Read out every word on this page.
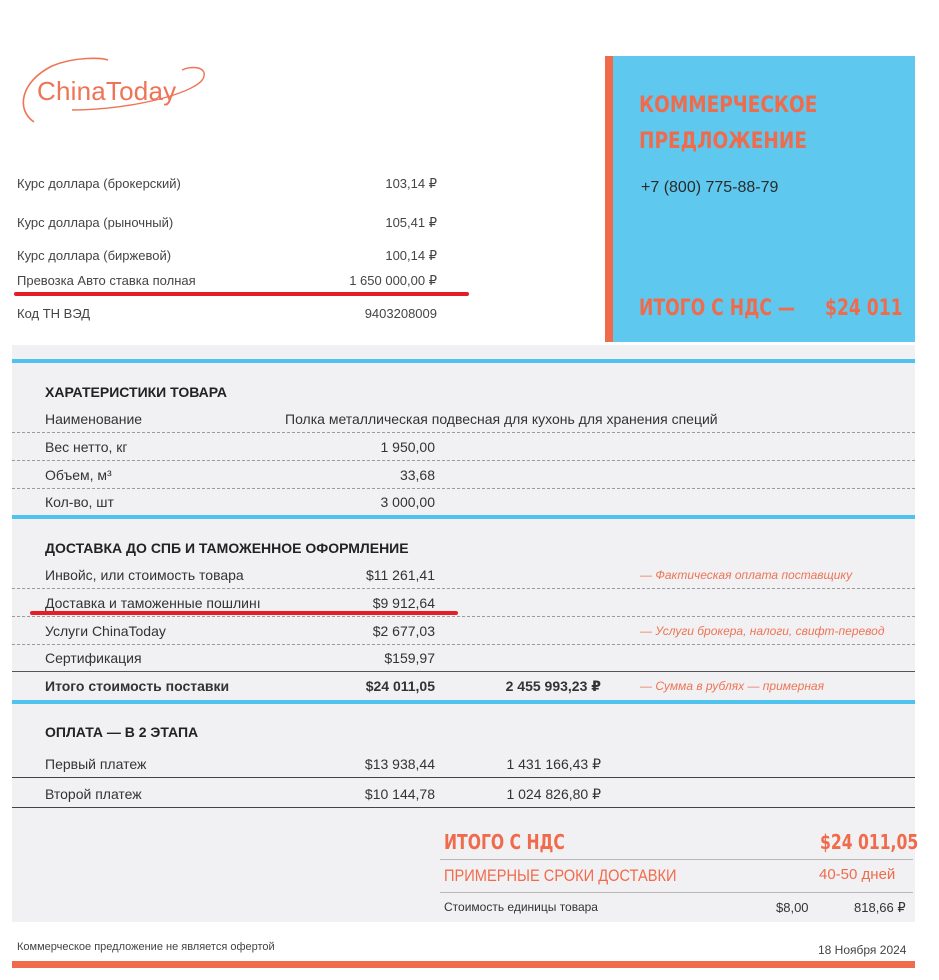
ChinaToday
Курс доллара (брокерский)	103,14 ₽
Курс доллара (рыночный)	105,41 ₽
Курс доллара (биржевой)	100,14 ₽
Превозка Авто ставка полная	1 650 000,00 ₽
Код ТН ВЭД	9403208009
КОММЕРЧЕСКОЕ
ПРЕДЛОЖЕНИЕ
+7 (800) 775-88-79
ИТОГО С НДС — $24 011
ХАРАТЕРИСТИКИ ТОВАРА
Наименование	Полка металлическая подвесная для кухонь для хранения специй
Вес нетто, кг	1 950,00
Объем, м³	33,68
Кол-во, шт	3 000,00
ДОСТАВКА ДО СПБ И ТАМОЖЕННОЕ ОФОРМЛЕНИЕ
Инвойс, или стоимость товара	$11 261,41	— Фактическая оплата поставщику
Доставка и таможенные пошлинı	$9 912,64
Услуги ChinaToday	$2 677,03	— Услуги брокера, налоги, свифт-перевод
Сертификация	$159,97
Итого стоимость поставки	$24 011,05	2 455 993,23 ₽	— Сумма в рублях — примерная
ОПЛАТА — В 2 ЭТАПА
Первый платеж	$13 938,44	1 431 166,43 ₽
Второй платеж	$10 144,78	1 024 826,80 ₽
ИТОГО С НДС	$24 011,05
ПРИМЕРНЫЕ СРОКИ ДОСТАВКИ	40-50 дней
Стоимость единицы товара	$8,00	818,66 ₽
Коммерческое предложение не является офертой	18 Ноября 2024
